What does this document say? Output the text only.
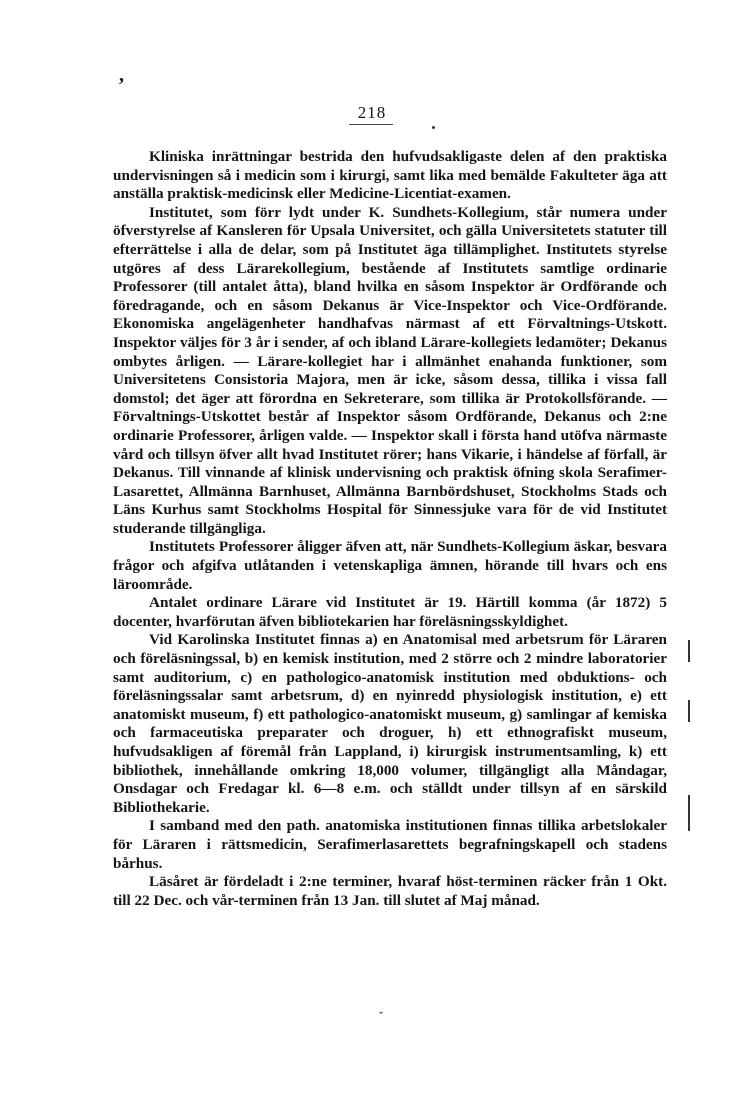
’
218

Kliniska inrättningar bestrida den hufvudsakligaste delen af den praktiska undervisningen så i medicin som i kirurgi, samt lika med bemälde Fakulteter äga att anställa praktisk-medicinsk eller Medicine-Licentiat-examen.

Institutet, som förr lydt under K. Sundhets-Kollegium, står numera under öfverstyrelse af Kansleren för Upsala Universitet, och gälla Universitetets statuter till efterrättelse i alla de delar, som på Institutet äga tillämplighet. Institutets styrelse utgöres af dess Lärarekollegium, bestående af Institutets samtlige ordinarie Professorer (till antalet åtta), bland hvilka en såsom Inspektor är Ordförande och föredragande, och en såsom Dekanus är Vice-Inspektor och Vice-Ordförande. Ekonomiska angelägenheter handhafvas närmast af ett Förvaltnings-Utskott. Inspektor väljes för 3 år i sender, af och ibland Lärare-kollegiets ledamöter; Dekanus ombytes årligen. — Lärare-kollegiet har i allmänhet enahanda funktioner, som Universitetens Consistoria Majora, men är icke, såsom dessa, tillika i vissa fall domstol; det äger att förordna en Sekreterare, som tillika är Protokollsförande. — Förvaltnings-Utskottet består af Inspektor såsom Ordförande, Dekanus och 2:ne ordinarie Professorer, årligen valde. — Inspektor skall i första hand utöfva närmaste vård och tillsyn öfver allt hvad Institutet rörer; hans Vikarie, i händelse af förfall, är Dekanus. Till vinnande af klinisk undervisning och praktisk öfning skola Serafimer-Lasarettet, Allmänna Barnhuset, Allmänna Barnbördshuset, Stockholms Stads och Läns Kurhus samt Stockholms Hospital för Sinnessjuke vara för de vid Institutet studerande tillgängliga.

Institutets Professorer åligger äfven att, när Sundhets-Kollegium äskar, besvara frågor och afgifva utlåtanden i vetenskapliga ämnen, hörande till hvars och ens läroområde.

Antalet ordinare Lärare vid Institutet är 19. Härtill komma (år 1872) 5 docenter, hvarförutan äfven bibliotekarien har föreläsningsskyldighet.

Vid Karolinska Institutet finnas a) en Anatomisal med arbetsrum för Läraren och föreläsningssal, b) en kemisk institution, med 2 större och 2 mindre laboratorier samt auditorium, c) en pathologico-anatomisk institution med obduktions- och föreläsningssalar samt arbetsrum, d) en nyinredd physiologisk institution, e) ett anatomiskt museum, f) ett pathologico-anatomiskt museum, g) samlingar af kemiska och farmaceutiska preparater och droguer, h) ett ethnografiskt museum, hufvudsakligen af föremål från Lappland, i) kirurgisk instrumentsamling, k) ett bibliothek, innehållande omkring 18,000 volumer, tillgängligt alla Måndagar, Onsdagar och Fredagar kl. 6—8 e.m. och ställdt under tillsyn af en särskild Bibliothekarie.

I samband med den path. anatomiska institutionen finnas tillika arbetslokaler för Läraren i rättsmedicin, Serafimerlasarettets begrafningskapell och stadens bårhus.

Läsåret är fördeladt i 2:ne terminer, hvaraf höst-terminen räcker från 1 Okt. till 22 Dec. och vår-terminen från 13 Jan. till slutet af Maj månad.

ˇ
